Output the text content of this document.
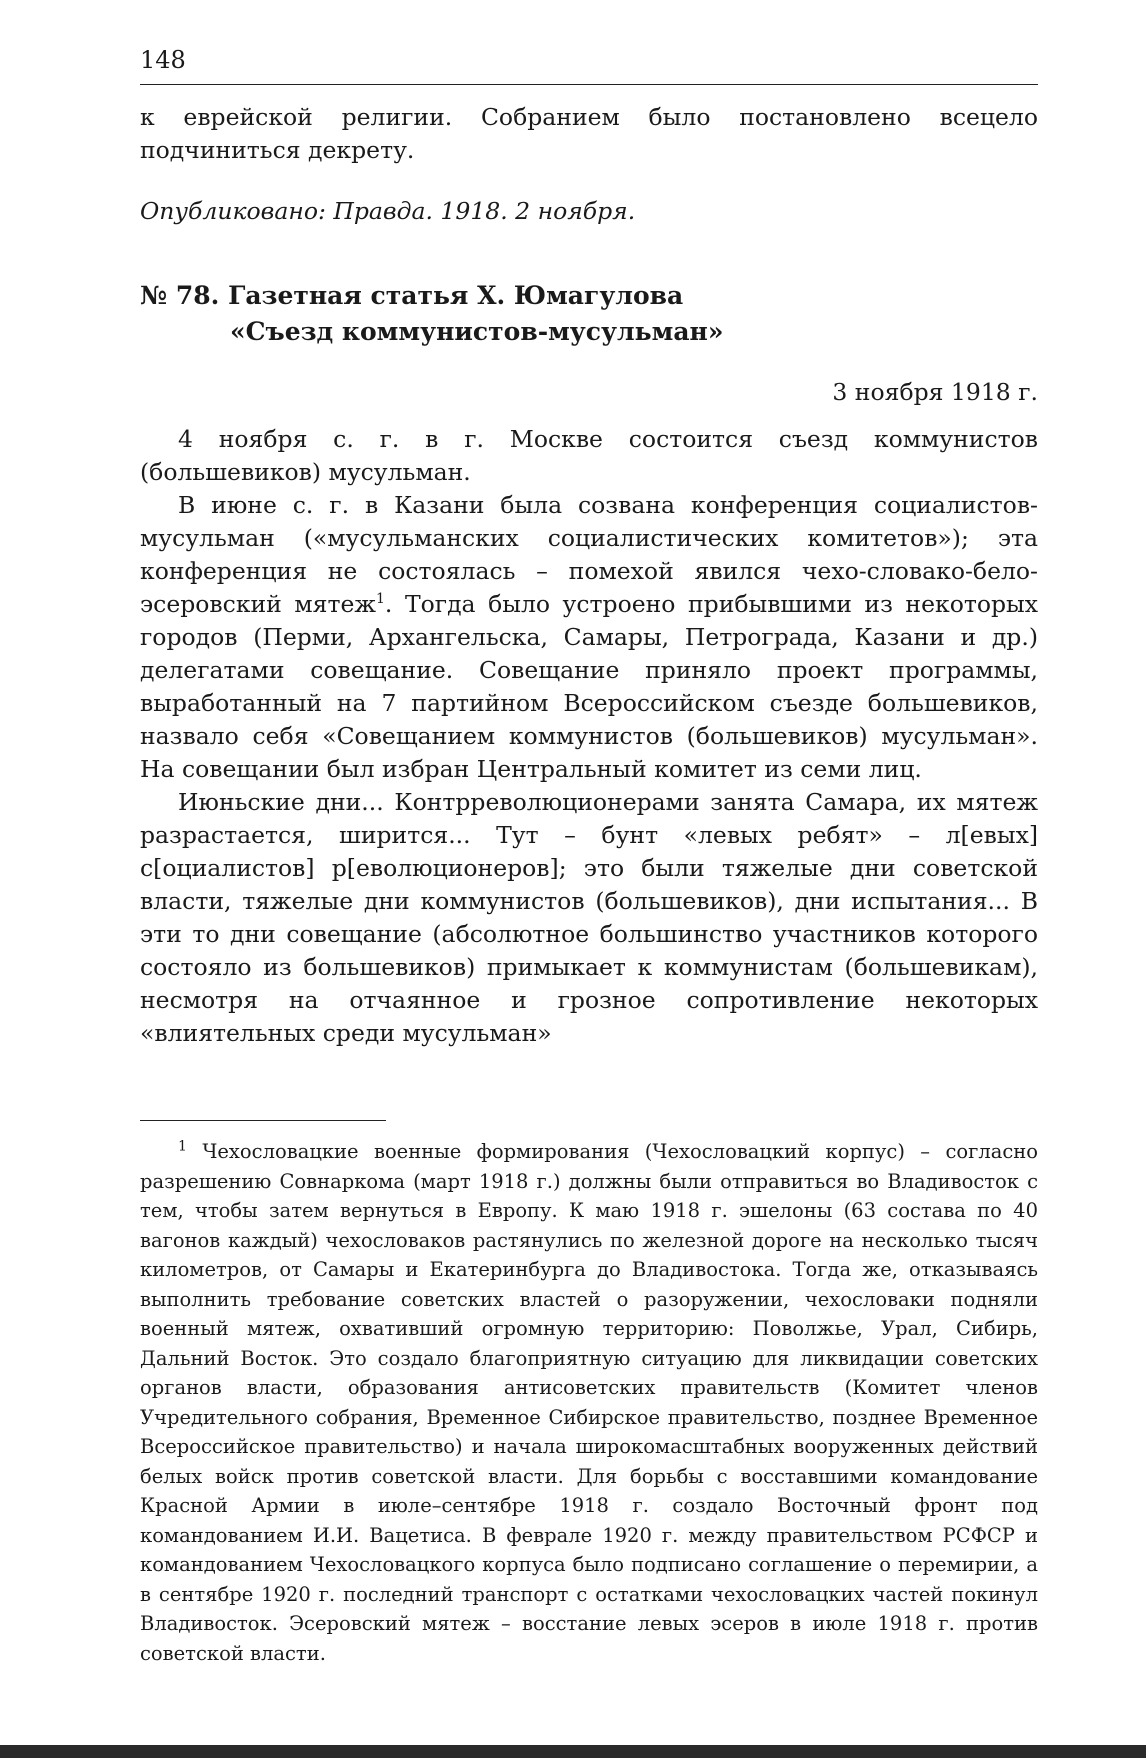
148

к еврейской религии. Собранием было постановлено всецело подчиниться декрету.

Опубликовано: Правда. 1918. 2 ноября.

№ 78. Газетная статья Х. Юмагулова
«Съезд коммунистов-мусульман»
3 ноября 1918 г.

4 ноября с. г. в г. Москве состоится съезд коммунистов (большевиков) мусульман.

В июне с. г. в Казани была созвана конференция социалистов-мусульман («мусульманских социалистических комитетов»); эта конференция не состоялась – помехой явился чехо-словако-бело-эсеровский мятеж$^1$. Тогда было устроено прибывшими из некоторых городов (Перми, Архангельска, Самары, Петрограда, Казани и др.) делегатами совещание. Совещание приняло проект программы, выработанный на 7 партийном Всероссийском съезде большевиков, назвало себя «Совещанием коммунистов (большевиков) мусульман». На совещании был избран Центральный комитет из семи лиц.

Июньские дни... Контрреволюционерами занята Самара, их мятеж разрастается, ширится... Тут – бунт «левых ребят» – л[евых] с[оциалистов] р[еволюционеров]; это были тяжелые дни советской власти, тяжелые дни коммунистов (большевиков), дни испытания... В эти то дни совещание (абсолютное большинство участников которого состояло из большевиков) примыкает к коммунистам (большевикам), несмотря на отчаянное и грозное сопротивление некоторых «влиятельных среди мусульман»

$^1$ Чехословацкие военные формирования (Чехословацкий корпус) – согласно разрешению Совнаркома (март 1918 г.) должны были отправиться во Владивосток с тем, чтобы затем вернуться в Европу. К маю 1918 г. эшелоны (63 состава по 40 вагонов каждый) чехословаков растянулись по железной дороге на несколько тысяч километров, от Самары и Екатеринбурга до Владивостока. Тогда же, отказываясь выполнить требование советских властей о разоружении, чехословаки подняли военный мятеж, охвативший огромную территорию: Поволжье, Урал, Сибирь, Дальний Восток. Это создало благоприятную ситуацию для ликвидации советских органов власти, образования антисоветских правительств (Комитет членов Учредительного собрания, Временное Сибирское правительство, позднее Временное Всероссийское правительство) и начала широкомасштабных вооруженных действий белых войск против советской власти. Для борьбы с восставшими командование Красной Армии в июле–сентябре 1918 г. создало Восточный фронт под командованием И.И. Вацетиса. В феврале 1920 г. между правительством РСФСР и командованием Чехословацкого корпуса было подписано соглашение о перемирии, а в сентябре 1920 г. последний транспорт с остатками чехословацких частей покинул Владивосток. Эсеровский мятеж – восстание левых эсеров в июле 1918 г. против советской власти.
